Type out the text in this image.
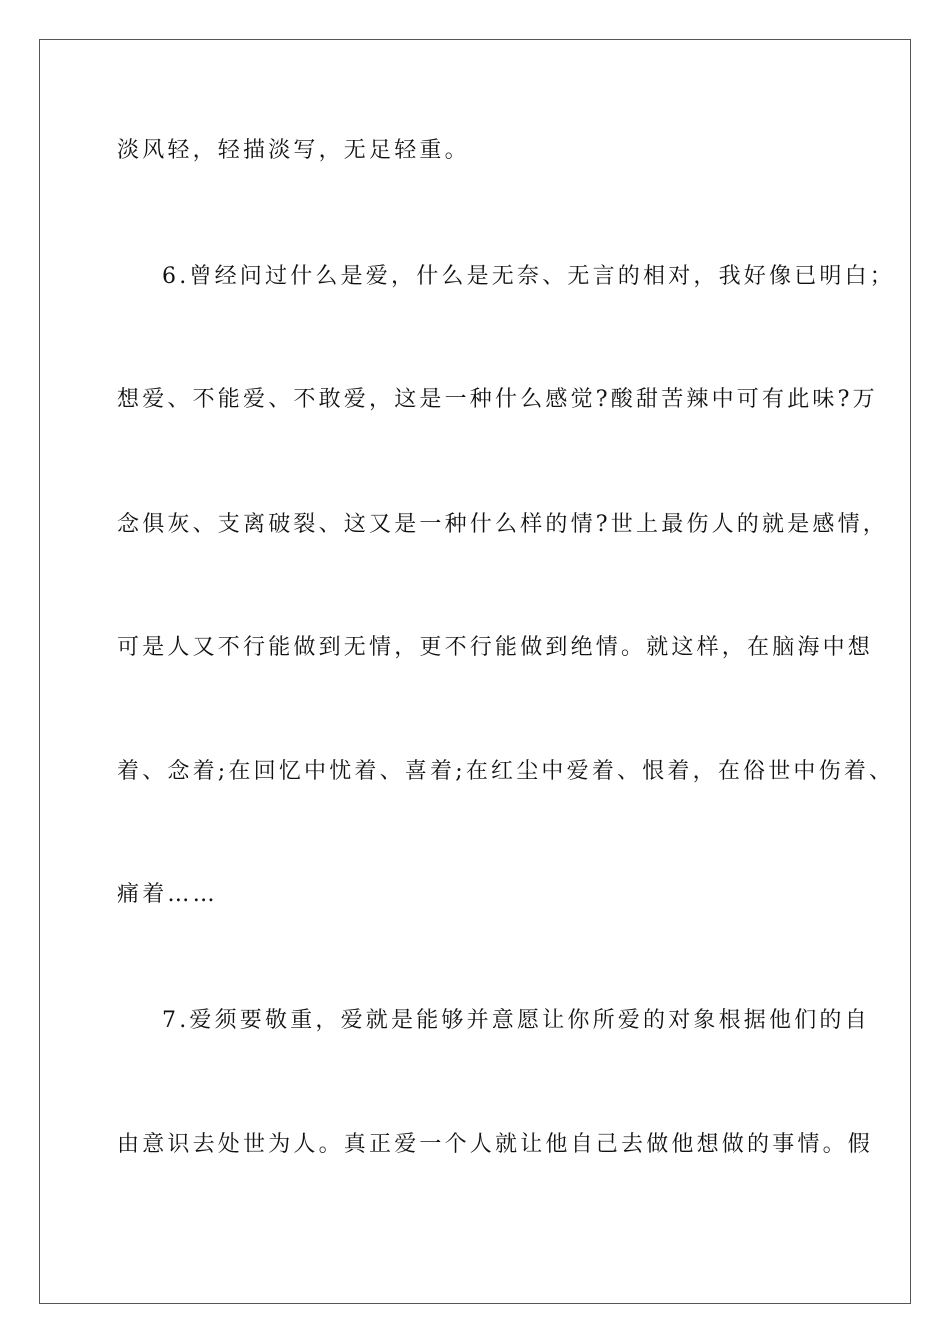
淡风轻，轻描淡写，无足轻重。
6.曾经问过什么是爱，什么是无奈、无言的相对，我好像已明白；
想爱、不能爱、不敢爱，这是一种什么感觉?酸甜苦辣中可有此味?万
念俱灰、支离破裂、这又是一种什么样的情?世上最伤人的就是感情，
可是人又不行能做到无情，更不行能做到绝情。就这样，在脑海中想
着、念着;在回忆中忧着、喜着;在红尘中爱着、恨着，在俗世中伤着、
痛着……
7.爱须要敬重，爱就是能够并意愿让你所爱的对象根据他们的自
由意识去处世为人。真正爱一个人就让他自己去做他想做的事情。假
